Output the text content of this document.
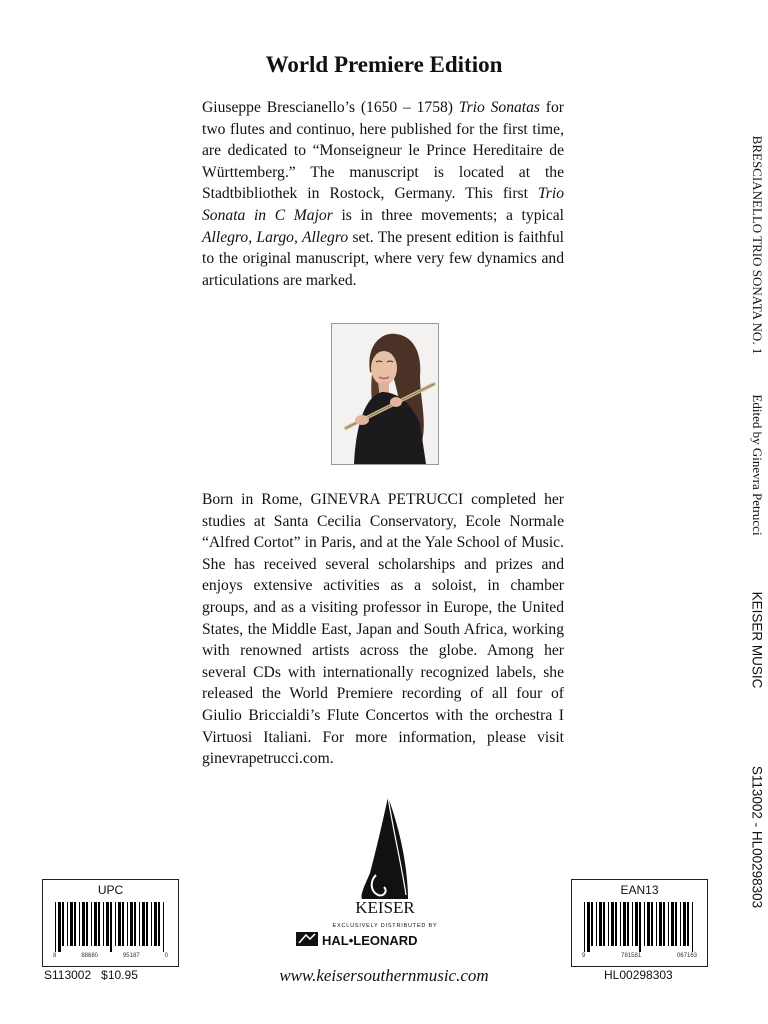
World Premiere Edition

Giuseppe Brescianello’s (1650 – 1758) Trio Sonatas for two flutes and continuo, here published for the first time, are dedicated to “Monseigneur le Prince Hereditaire de Württemberg.” The manuscript is located at the Stadtbibliothek in Rostock, Germany. This first Trio Sonata in C Major is in three movements; a typical Allegro, Largo, Allegro set. The present edition is faithful to the original manuscript, where very few dynamics and articulations are marked.

Born in Rome, GINEVRA PETRUCCI completed her studies at Santa Cecilia Conservatory, Ecole Normale “Alfred Cortot” in Paris, and at the Yale School of Music. She has received several scholarships and prizes and enjoys extensive activities as a soloist, in chamber groups, and as a visiting professor in Europe, the United States, the Middle East, Japan and South Africa, working with renowned artists across the globe. Among her several CDs with internationally recognized labels, she released the World Premiere recording of all four of Giulio Briccialdi’s Flute Concertos with the orchestra I Virtuosi Italiani. For more information, please visit ginevrapetrucci.com.

BRESCIANELLO TRIO SONATA NO. 1
Edited by Ginevra Petrucci
KEISER MUSIC
S113002 - HL00298303
UPC
8	88680	95187	0
S113002 $10.95
EAN13
9	781581	067163
HL00298303
KEISER
EXCLUSIVELY DISTRIBUTED BY
HAL•LEONARD
www.keisersouthernmusic.com
